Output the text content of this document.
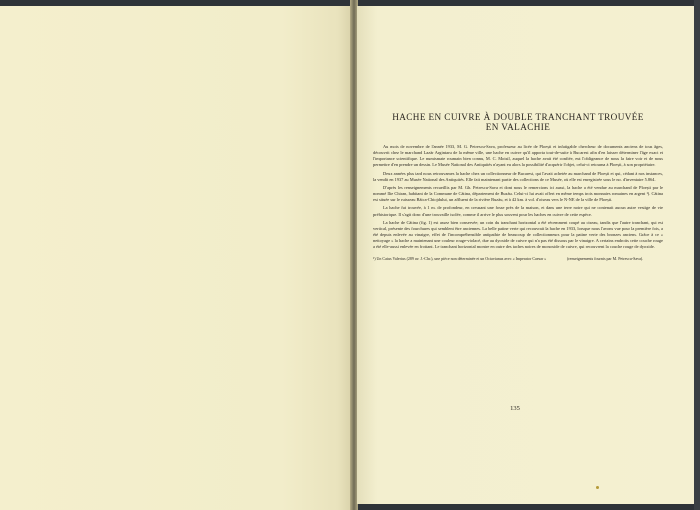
HACHE EN CUIVRE À DOUBLE TRANCHANT TROUVÉE
EN VALACHIE

Au mois de novembre de l'année 1933, M. G. Petrescu-Sava, professeur au licée de Ploești et infatigable chercheur de documents anciens de tous âges, découvrit chez le marchand Lazăr Argintaru de la même ville, une hache en cuivre qu'il apporta tout-de-suite à Bucarest afin d'en laisser déterminer l'âge exact et l'importance scientifique. Le numismate roumain bien connu, M. C. Moisil, auquel la hache avait été confiée, eut l'obligeance de nous la faire voir et de nous permettre d'en prendre un dessin. Le Musée National des Antiquités n'ayant eu alors la possibilité d'acquérir l'objet, celui-ci retourna à Ploești, à son propriétaire.

Deux années plus tard nous retrouvames la hache chez un collectionneur de Bucarest, qui l'avait achetée au marchand de Ploești et qui, cédant à nos instances, la vendit en 1937 au Musée National des Antiquités. Elle fait maintenant partie des collections de ce Musée, où elle est enregistrée sous le no. d'inventaire 5.864.

D'après les renseignements recueillis par M. Gh. Petrescu-Sava et dont nous le remercions ici aussi, la hache a été vendue au marchand de Ploești par le nommé Ilie Chiran, habitant de la Commune de Cătina, département de Buzău. Celui-ci lui avait offert en même temps trois monnaies romaines en argent ¹). Cătina est située sur le ruisseau Băica-Chiojdului, un affluent de la rivière Buzău, et à 42 km. à vol. d'oiseau vers le N-NE de la ville de Ploești.

La hache fut trouvée, à 1 m. de profondeur, en creusant une fosse près de la maison, et dans une terre noire qui ne contenait aucun autre vestige de vie préhistorique. Il s'agit donc d'une trouvaille isolée, comme il arrive le plus souvent pour les haches en cuivre de cette espèce.

La hache de Cătina (fig. 1) est assez bien conservée; un coin du tranchant horizontal a été récemment coupé au ciseau, tandis que l'autre tranchant, qui est vertical, présente des fourchures qui semblent être anciennes. La belle patine verte qui recouvrait la hache en 1933, lorsque nous l'avons vue pour la première fois, a été depuis enlevée au vinaigre, effet de l'incompréhensible antipathie de beaucoup de collectionneurs pour la patine verte des bronzes anciens. Grâce à ce « nettoyage » la hache a maintenant une couleur rouge-violacé, due au dyoxide de cuivre qui n'a pas été dissous par le vinaigre. A certains endroits cette couche rouge a été elle-aussi enlevée en frottant. Le tranchant horizontal montre en outre des taches noires de monoxide de cuivre, qui recouvrent la couche rouge de dyoxide.

¹) Un Caius Valerius (289 av. J.-Chr.), une pièce non déterminée et un Octavianus avec « Imperator Caesar »	(renseignements fournis par M. Petrescu-Sava).

135
